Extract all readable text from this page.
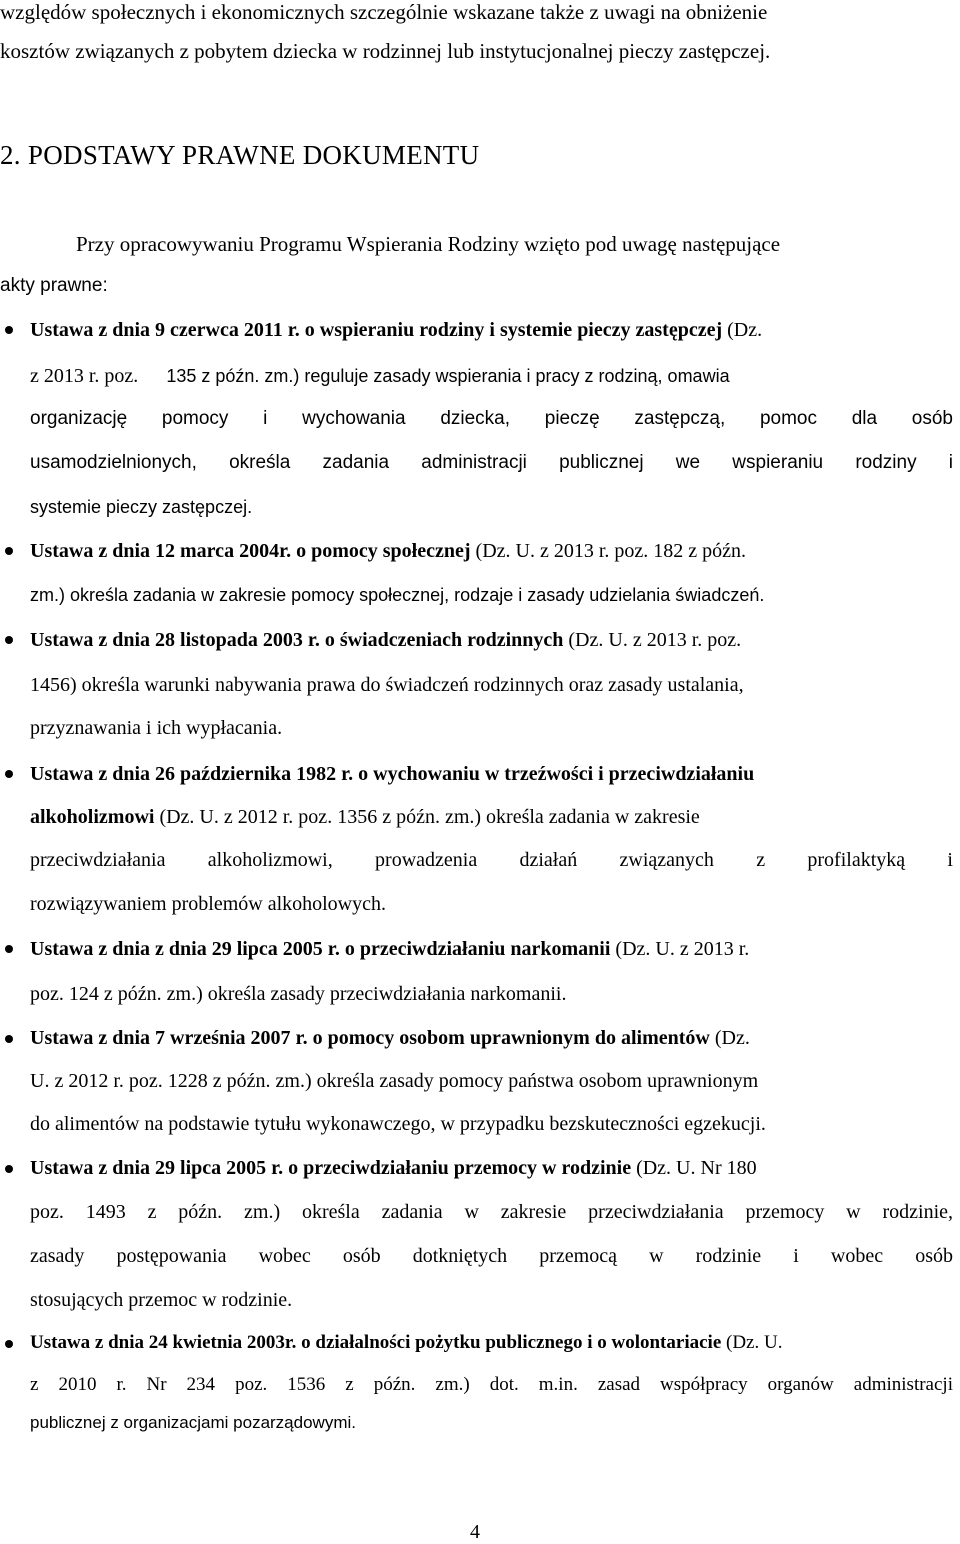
względów społecznych i ekonomicznych szczególnie wskazane także z uwagi na obniżenie
kosztów związanych z pobytem dziecka w rodzinnej lub instytucjonalnej pieczy zastępczej.
2. PODSTAWY PRAWNE DOKUMENTU
Przy opracowywaniu Programu Wspierania Rodziny wzięto pod uwagę następujące
akty prawne:
Ustawa z dnia 9 czerwca 2011 r. o wspieraniu rodziny i systemie pieczy zastępczej (Dz.
z 2013 r. poz. 135 z późn. zm.) reguluje zasady wspierania i pracy z rodziną, omawia
organizację pomocy i wychowania dziecka, pieczę zastępczą, pomoc dla osób
usamodzielnionych, określa zadania administracji publicznej we wspieraniu rodziny i
systemie pieczy zastępczej.
Ustawa z dnia 12 marca 2004r. o pomocy społecznej (Dz. U. z 2013 r. poz. 182 z późn.
zm.) określa zadania w zakresie pomocy społecznej, rodzaje i zasady udzielania świadczeń.
Ustawa z dnia 28 listopada 2003 r. o świadczeniach rodzinnych (Dz. U. z 2013 r. poz.
1456) określa warunki nabywania prawa do świadczeń rodzinnych oraz zasady ustalania,
przyznawania i ich wypłacania.
Ustawa z dnia 26 października 1982 r. o wychowaniu w trzeźwości i przeciwdziałaniu
alkoholizmowi (Dz. U. z 2012 r. poz. 1356 z późn. zm.) określa zadania w zakresie
przeciwdziałania alkoholizmowi, prowadzenia działań związanych z profilaktyką i
rozwiązywaniem problemów alkoholowych.
Ustawa z dnia z dnia 29 lipca 2005 r. o przeciwdziałaniu narkomanii (Dz. U. z 2013 r.
poz. 124 z późn. zm.) określa zasady przeciwdziałania narkomanii.
Ustawa z dnia 7 września 2007 r. o pomocy osobom uprawnionym do alimentów (Dz.
U. z 2012 r. poz. 1228 z późn. zm.) określa zasady pomocy państwa osobom uprawnionym
do alimentów na podstawie tytułu wykonawczego, w przypadku bezskuteczności egzekucji.
Ustawa z dnia 29 lipca 2005 r. o przeciwdziałaniu przemocy w rodzinie (Dz. U. Nr 180
poz. 1493 z późn. zm.) określa zadania w zakresie przeciwdziałania przemocy w rodzinie,
zasady postępowania wobec osób dotkniętych przemocą w rodzinie i wobec osób
stosujących przemoc w rodzinie.
Ustawa z dnia 24 kwietnia 2003r. o działalności pożytku publicznego i o wolontariacie (Dz. U.
z 2010 r. Nr 234 poz. 1536 z późn. zm.) dot. m.in. zasad współpracy organów administracji
publicznej z organizacjami pozarządowymi.
4
